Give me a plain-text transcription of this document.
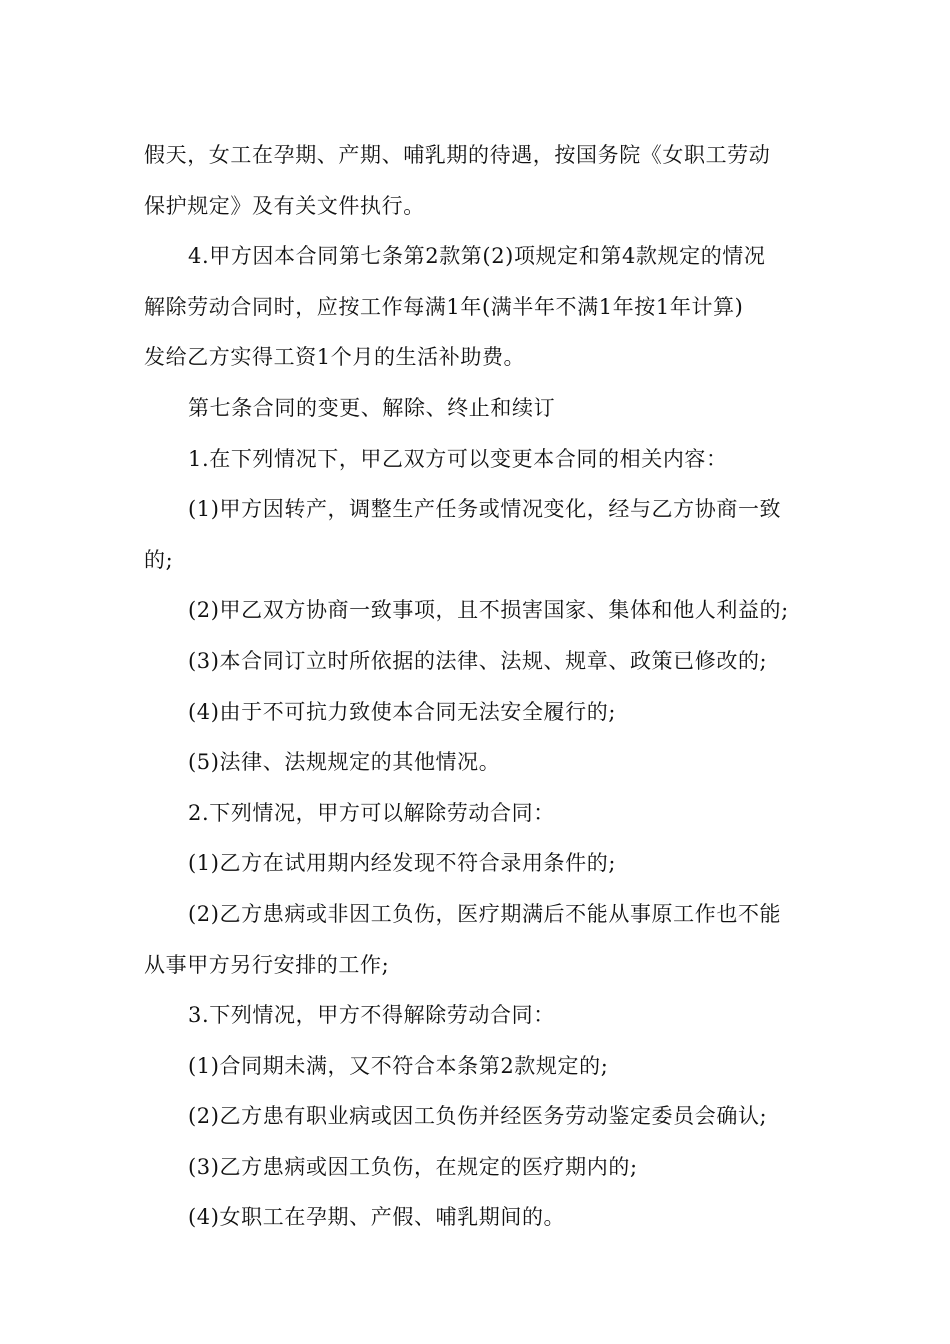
假天，女工在孕期、产期、哺乳期的待遇，按国务院《女职工劳动
保护规定》及有关文件执行。
4.甲方因本合同第七条第2款第(2)项规定和第4款规定的情况
解除劳动合同时，应按工作每满1年(满半年不满1年按1年计算)
发给乙方实得工资1个月的生活补助费。
第七条合同的变更、解除、终止和续订
1.在下列情况下，甲乙双方可以变更本合同的相关内容：
(1)甲方因转产，调整生产任务或情况变化，经与乙方协商一致
的;
(2)甲乙双方协商一致事项，且不损害国家、集体和他人利益的;
(3)本合同订立时所依据的法律、法规、规章、政策已修改的;
(4)由于不可抗力致使本合同无法安全履行的;
(5)法律、法规规定的其他情况。
2.下列情况，甲方可以解除劳动合同：
(1)乙方在试用期内经发现不符合录用条件的;
(2)乙方患病或非因工负伤，医疗期满后不能从事原工作也不能
从事甲方另行安排的工作;
3.下列情况，甲方不得解除劳动合同：
(1)合同期未满，又不符合本条第2款规定的;
(2)乙方患有职业病或因工负伤并经医务劳动鉴定委员会确认;
(3)乙方患病或因工负伤，在规定的医疗期内的;
(4)女职工在孕期、产假、哺乳期间的。
